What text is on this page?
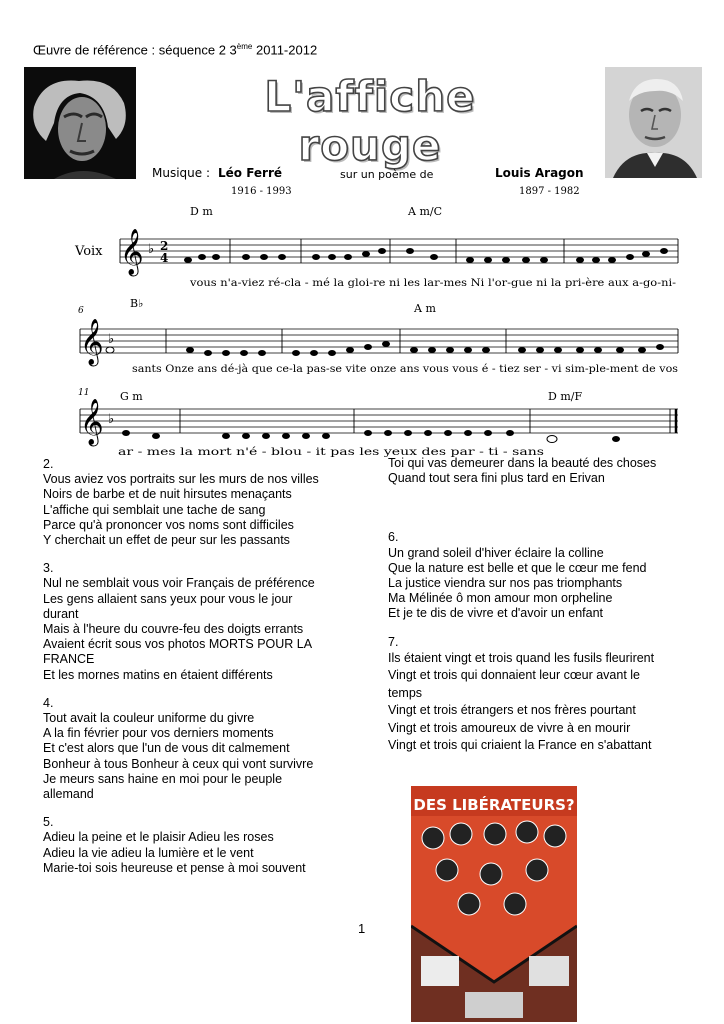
Œuvre de référence : séquence 2 3ème 2011-2012
L'affiche rouge
Musique : Léo Ferré	sur un poème de	Louis Aragon
1916 - 1993	1897 - 1982
𝄞
𝄞
𝄞
♭
♭
♭
2
4
D m	A m/C
B♭	A m
G m	D m/F
Voix
6
11
vous n'a-viez ré-cla - mé la gloi-re ni les lar-mes Ni l'or-gue ni la pri-ère aux a-go-ni-
sants Onze ans dé-jà que ce-la pas-se vite onze ans vous vous é - tiez ser - vi sim-ple-ment de vos
ar - mes la mort n'é - blou - it pas les yeux des par - ti - sans
2.
Vous aviez vos portraits sur les murs de nos villes
Noirs de barbe et de nuit hirsutes menaçants
L'affiche qui semblait une tache de sang
Parce qu'à prononcer vos noms sont difficiles
Y cherchait un effet de peur sur les passants
3.
Nul ne semblait vous voir Français de préférence
Les gens allaient sans yeux pour vous le jour
durant
Mais à l'heure du couvre-feu des doigts errants
Avaient écrit sous vos photos MORTS POUR LA
FRANCE
Et les mornes matins en étaient différents
4.
Tout avait la couleur uniforme du givre
A la fin février pour vos derniers moments
Et c'est alors que l'un de vous dit calmement
Bonheur à tous Bonheur à ceux qui vont survivre
Je meurs sans haine en moi pour le peuple
allemand
5.
Adieu la peine et le plaisir Adieu les roses
Adieu la vie adieu la lumière et le vent
Marie-toi sois heureuse et pense à moi souvent
Toi qui vas demeurer dans la beauté des choses
Quand tout sera fini plus tard en Erivan
6.
Un grand soleil d'hiver éclaire la colline
Que la nature est belle et que le cœur me fend
La justice viendra sur nos pas triomphants
Ma Mélinée ô mon amour mon orpheline
Et je te dis de vivre et d'avoir un enfant
7.
Ils étaient vingt et trois quand les fusils fleurirent
Vingt et trois qui donnaient leur cœur avant le
temps
Vingt et trois étrangers et nos frères pourtant
Vingt et trois amoureux de vivre à en mourir
Vingt et trois qui criaient la France en s'abattant
1
DES LIBÉRATEURS?
